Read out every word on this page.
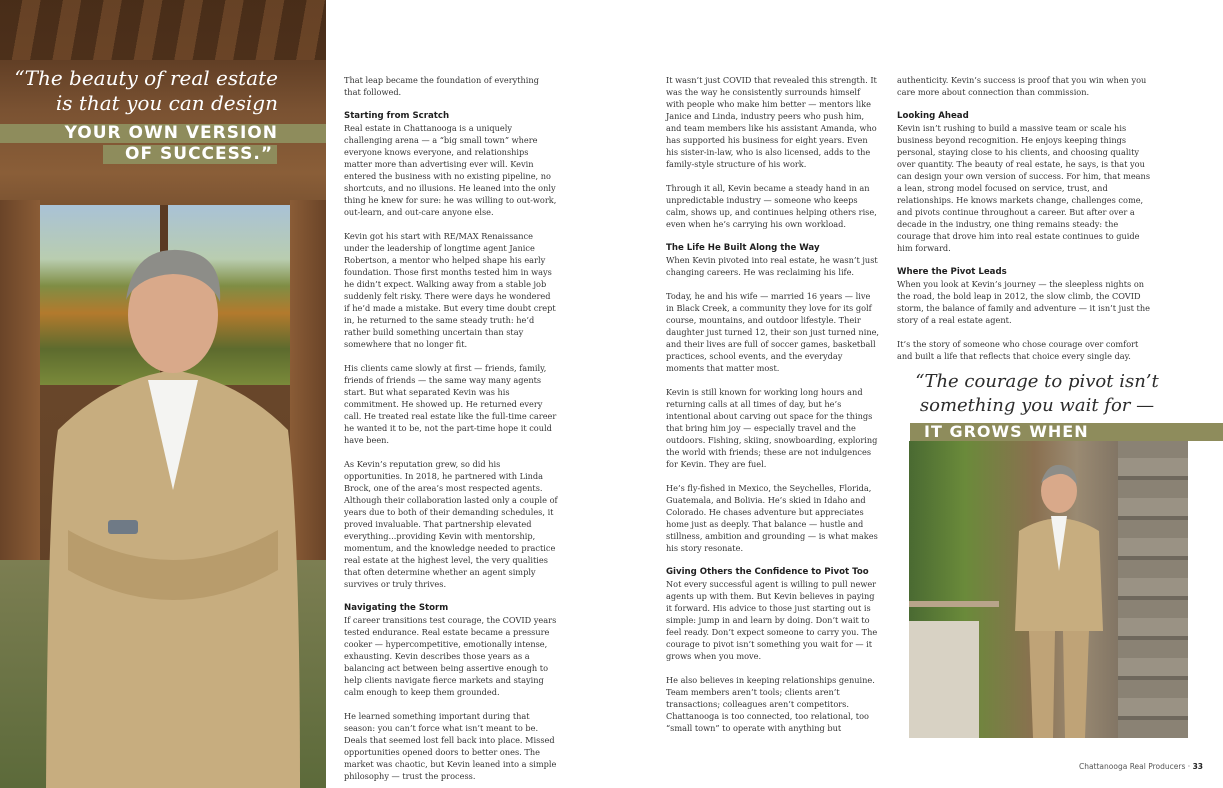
“The beauty of real estate
is that you can design
YOUR OWN VERSION
OF SUCCESS.”

That leap became the foundation of everything that followed.

Starting from Scratch

Real estate in Chattanooga is a uniquely challenging arena — a “big small town” where everyone knows everyone, and relationships matter more than advertising ever will. Kevin entered the business with no existing pipeline, no shortcuts, and no illusions. He leaned into the only thing he knew for sure: he was willing to out-work, out-learn, and out-care anyone else.

Kevin got his start with RE/MAX Renaissance under the leadership of longtime agent Janice Robertson, a mentor who helped shape his early foundation. Those first months tested him in ways he didn’t expect. Walking away from a stable job suddenly felt risky. There were days he wondered if he’d made a mistake. But every time doubt crept in, he returned to the same steady truth: he’d rather build something uncertain than stay somewhere that no longer fit.

His clients came slowly at first — friends, family, friends of friends — the same way many agents start. But what separated Kevin was his commitment. He showed up. He returned every call. He treated real estate like the full-time career he wanted it to be, not the part-time hope it could have been.

As Kevin’s reputation grew, so did his opportunities. In 2018, he partnered with Linda Brock, one of the area’s most respected agents. Although their collaboration lasted only a couple of years due to both of their demanding schedules, it proved invaluable. That partnership elevated everything...providing Kevin with mentorship, momentum, and the knowledge needed to practice real estate at the highest level, the very qualities that often determine whether an agent simply survives or truly thrives.

Navigating the Storm

If career transitions test courage, the COVID years tested endurance. Real estate became a pressure cooker — hypercompetitive, emotionally intense, exhausting. Kevin describes those years as a balancing act between being assertive enough to help clients navigate fierce markets and staying calm enough to keep them grounded.

He learned something important during that season: you can’t force what isn’t meant to be. Deals that seemed lost fell back into place. Missed opportunities opened doors to better ones. The market was chaotic, but Kevin leaned into a simple philosophy — trust the process.

It wasn’t just COVID that revealed this strength. It was the way he consistently surrounds himself with people who make him better — mentors like Janice and Linda, industry peers who push him, and team members like his assistant Amanda, who has supported his business for eight years. Even his sister-in-law, who is also licensed, adds to the family-style structure of his work.

Through it all, Kevin became a steady hand in an unpredictable industry — someone who keeps calm, shows up, and continues helping others rise, even when he’s carrying his own workload.

The Life He Built Along the Way

When Kevin pivoted into real estate, he wasn’t just changing careers. He was reclaiming his life.

Today, he and his wife — married 16 years — live in Black Creek, a community they love for its golf course, mountains, and outdoor lifestyle. Their daughter just turned 12, their son just turned nine, and their lives are full of soccer games, basketball practices, school events, and the everyday moments that matter most.

Kevin is still known for working long hours and returning calls at all times of day, but he’s intentional about carving out space for the things that bring him joy — especially travel and the outdoors. Fishing, skiing, snowboarding, exploring the world with friends; these are not indulgences for Kevin. They are fuel.

He’s fly-fished in Mexico, the Seychelles, Florida, Guatemala, and Bolivia. He’s skied in Idaho and Colorado. He chases adventure but appreciates home just as deeply. That balance — hustle and stillness, ambition and grounding — is what makes his story resonate.

Giving Others the Confidence to Pivot Too

Not every successful agent is willing to pull newer agents up with them. But Kevin believes in paying it forward. His advice to those just starting out is simple: jump in and learn by doing. Don’t wait to feel ready. Don’t expect someone to carry you. The courage to pivot isn’t something you wait for — it grows when you move.

He also believes in keeping relationships genuine. Team members aren’t tools; clients aren’t transactions; colleagues aren’t competitors. Chattanooga is too connected, too relational, too “small town” to operate with anything but

authenticity. Kevin’s success is proof that you win when you care more about connection than commission.

Looking Ahead

Kevin isn’t rushing to build a massive team or scale his business beyond recognition. He enjoys keeping things personal, staying close to his clients, and choosing quality over quantity. The beauty of real estate, he says, is that you can design your own version of success. For him, that means a lean, strong model focused on service, trust, and relationships. He knows markets change, challenges come, and pivots continue throughout a career. But after over a decade in the industry, one thing remains steady: the courage that drove him into real estate continues to guide him forward.

Where the Pivot Leads

When you look at Kevin’s journey — the sleepless nights on the road, the bold leap in 2012, the slow climb, the COVID storm, the balance of family and adventure — it isn’t just the story of a real estate agent.

It’s the story of someone who chose courage over comfort and built a life that reflects that choice every single day.

“The courage to pivot isn’t
something you wait for —
IT GROWS WHEN
Chattanooga Real Producers · 33
